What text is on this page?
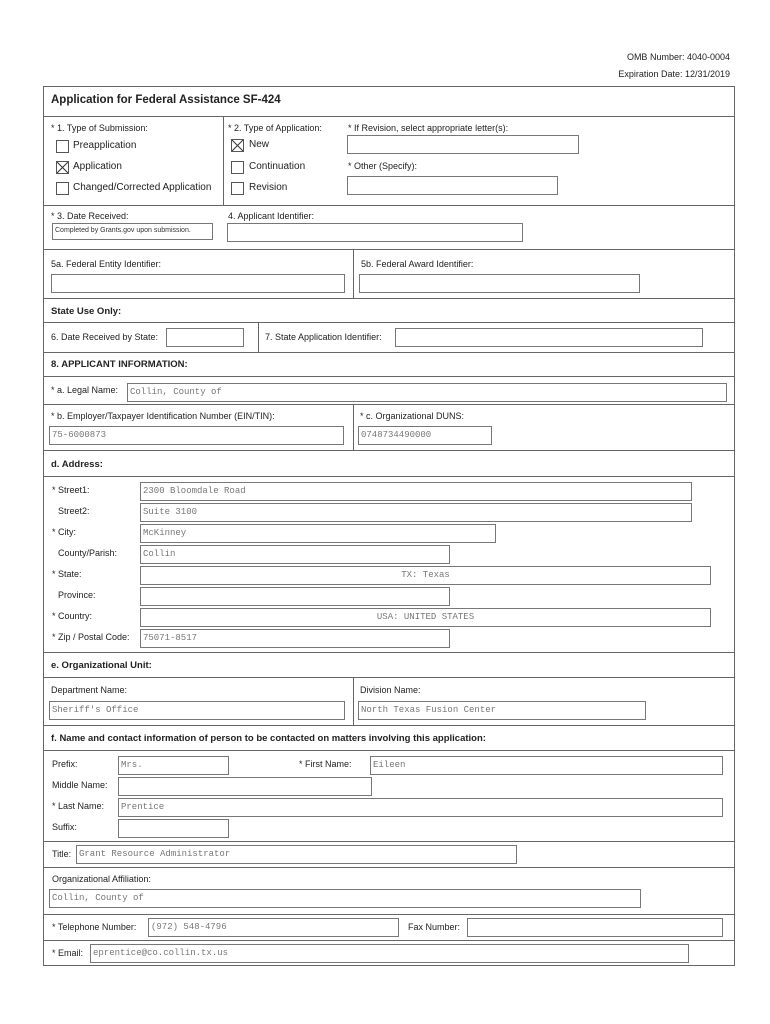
OMB Number: 4040-0004
Expiration Date: 12/31/2019
Application for Federal Assistance SF-424
* 1. Type of Submission:	* 2. Type of Application:	* If Revision, select appropriate letter(s):
Preapplication
Application
Changed/Corrected Application
New
Continuation
Revision
* Other (Specify):
* 3. Date Received:
Completed by Grants.gov upon submission.
4. Applicant Identifier:
5a. Federal Entity Identifier:	5b. Federal Award Identifier:
State Use Only:
6. Date Received by State:	7. State Application Identifier:
8. APPLICANT INFORMATION:
* a. Legal Name:	Collin, County of
* b. Employer/Taxpayer Identification Number (EIN/TIN):
75-6000873
* c. Organizational DUNS:
0748734490000
d. Address:
* Street1:	2300 Bloomdale Road
Street2:	Suite 3100
* City:	McKinney
County/Parish:	Collin
* State:	TX: Texas
Province:
* Country:	USA: UNITED STATES
* Zip / Postal Code:	75071-8517
e. Organizational Unit:
Department Name:
Sheriff's Office
Division Name:
North Texas Fusion Center
f. Name and contact information of person to be contacted on matters involving this application:
Prefix:	Mrs.	* First Name:	Eileen
Middle Name:
* Last Name:	Prentice
Suffix:
Title: Grant Resource Administrator
Organizational Affiliation:
Collin, County of
* Telephone Number:	(972) 548-4796	Fax Number:
* Email:	eprentice@co.collin.tx.us
